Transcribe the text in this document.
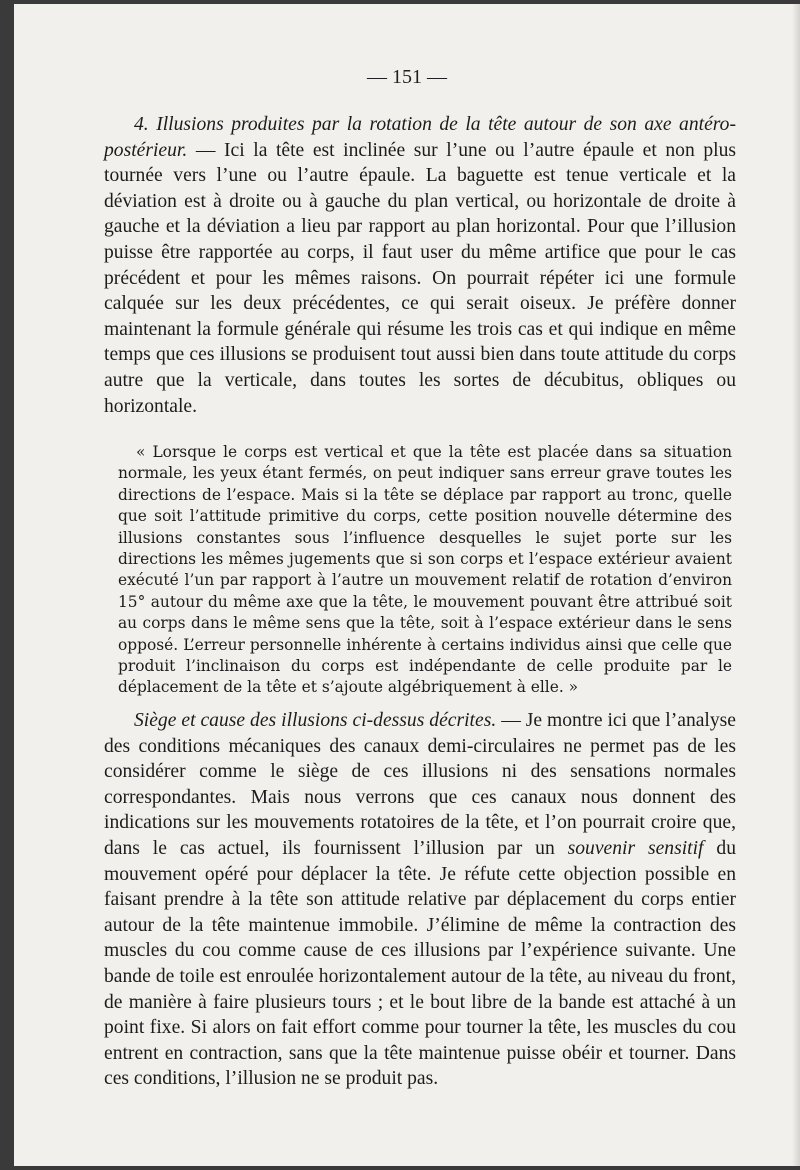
— 151 —

4. Illusions produites par la rotation de la tête autour de son axe antéro-postérieur. — Ici la tête est inclinée sur l’une ou l’autre épaule et non plus tournée vers l’une ou l’autre épaule. La baguette est tenue verticale et la déviation est à droite ou à gauche du plan vertical, ou horizontale de droite à gauche et la déviation a lieu par rapport au plan horizontal. Pour que l’illusion puisse être rapportée au corps, il faut user du même artifice que pour le cas précédent et pour les mêmes raisons. On pourrait répéter ici une formule calquée sur les deux précédentes, ce qui serait oiseux. Je préfère donner maintenant la formule générale qui résume les trois cas et qui indique en même temps que ces illusions se produisent tout aussi bien dans toute attitude du corps autre que la verticale, dans toutes les sortes de décubitus, obliques ou horizontale.

« Lorsque le corps est vertical et que la tête est placée dans sa situation normale, les yeux étant fermés, on peut indiquer sans erreur grave toutes les directions de l’espace. Mais si la tête se déplace par rapport au tronc, quelle que soit l’attitude primitive du corps, cette position nouvelle détermine des illusions constantes sous l’influence desquelles le sujet porte sur les directions les mêmes jugements que si son corps et l’espace extérieur avaient exécuté l’un par rapport à l’autre un mouvement relatif de rotation d’environ 15° autour du même axe que la tête, le mouvement pouvant être attribué soit au corps dans le même sens que la tête, soit à l’espace extérieur dans le sens opposé. L’erreur personnelle inhérente à certains individus ainsi que celle que produit l’inclinaison du corps est indépendante de celle produite par le déplacement de la tête et s’ajoute algébriquement à elle. »

Siège et cause des illusions ci-dessus décrites. — Je montre ici que l’analyse des conditions mécaniques des canaux demi-circulaires ne permet pas de les considérer comme le siège de ces illusions ni des sensations normales correspondantes. Mais nous verrons que ces canaux nous donnent des indications sur les mouvements rotatoires de la tête, et l’on pourrait croire que, dans le cas actuel, ils fournissent l’illusion par un souvenir sensitif du mouvement opéré pour déplacer la tête. Je réfute cette objection possible en faisant prendre à la tête son attitude relative par déplacement du corps entier autour de la tête maintenue immobile. J’élimine de même la contraction des muscles du cou comme cause de ces illusions par l’expérience suivante. Une bande de toile est enroulée horizontalement autour de la tête, au niveau du front, de manière à faire plusieurs tours ; et le bout libre de la bande est attaché à un point fixe. Si alors on fait effort comme pour tourner la tête, les muscles du cou entrent en contraction, sans que la tête maintenue puisse obéir et tourner. Dans ces conditions, l’illusion ne se produit pas.
